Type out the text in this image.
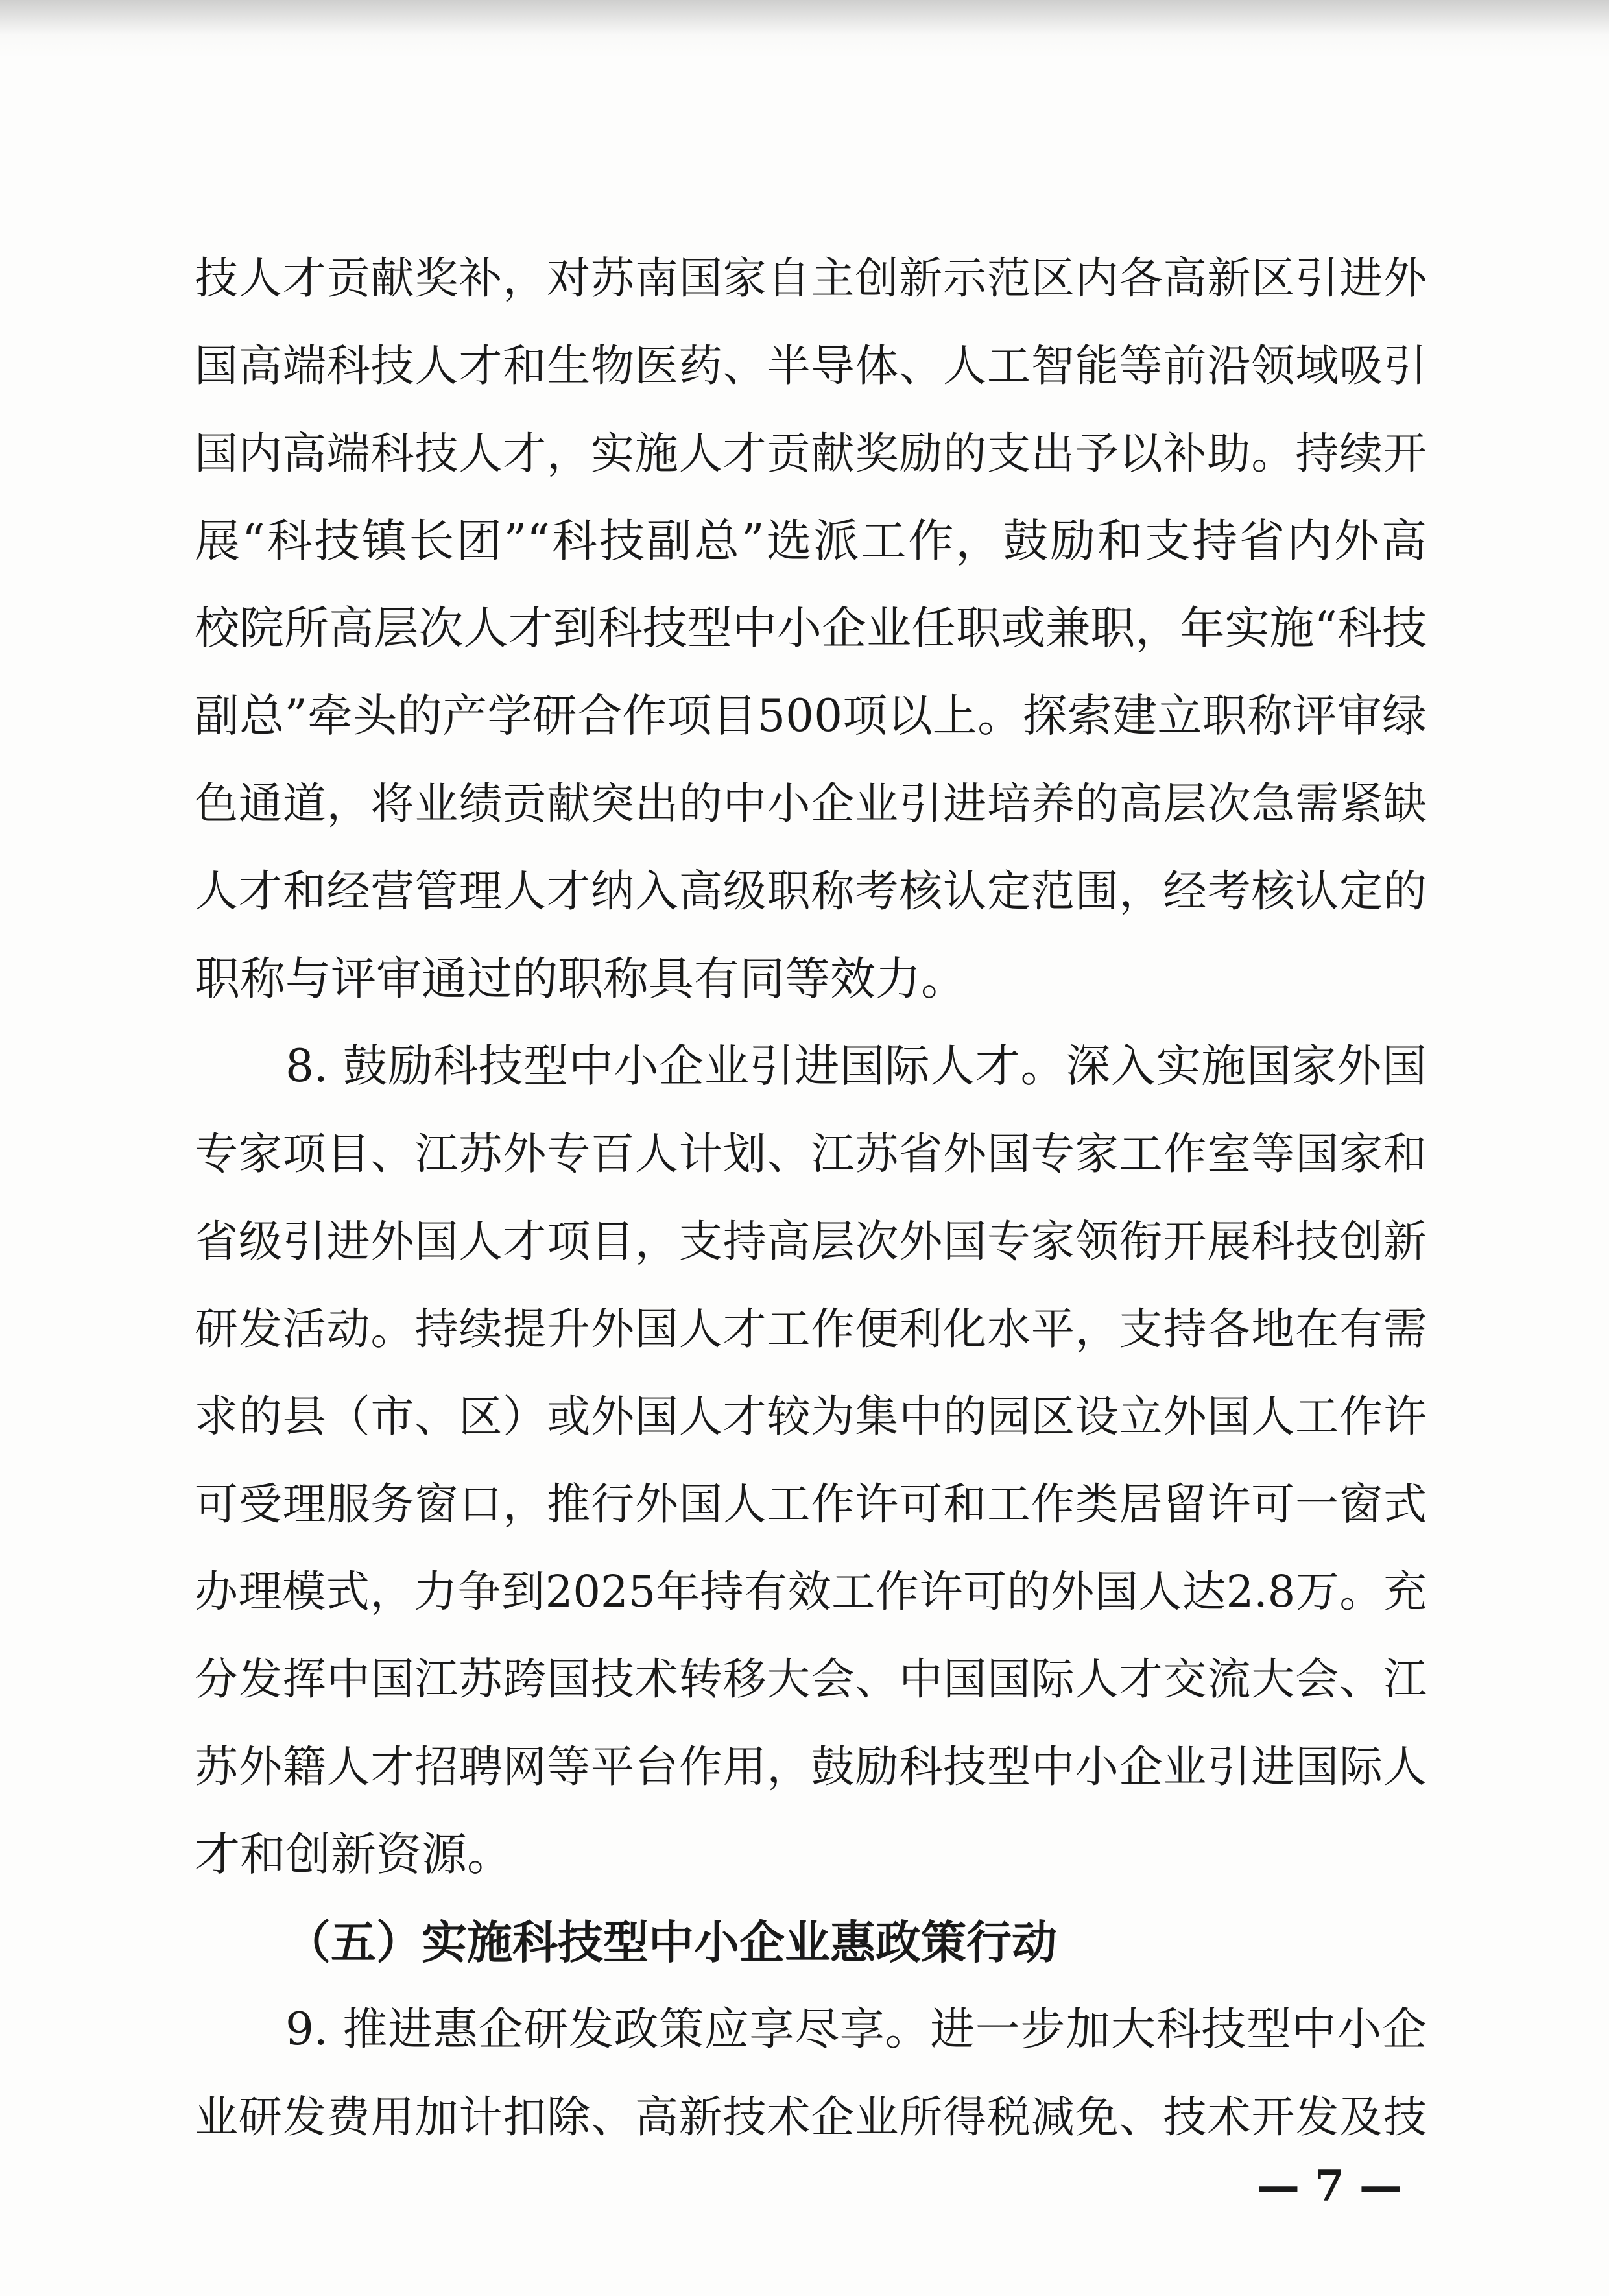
技人才贡献奖补，对苏南国家自主创新示范区内各高新区引进外
国高端科技人才和生物医药、半导体、人工智能等前沿领域吸引
国内高端科技人才，实施人才贡献奖励的支出予以补助。持续开
展“科技镇长团”“科技副总”选派工作，鼓励和支持省内外高
校院所高层次人才到科技型中小企业任职或兼职，年实施“科技
副总”牵头的产学研合作项目500项以上。探索建立职称评审绿
色通道，将业绩贡献突出的中小企业引进培养的高层次急需紧缺
人才和经营管理人才纳入高级职称考核认定范围，经考核认定的
职称与评审通过的职称具有同等效力。
8. 鼓励科技型中小企业引进国际人才。深入实施国家外国
专家项目、江苏外专百人计划、江苏省外国专家工作室等国家和
省级引进外国人才项目，支持高层次外国专家领衔开展科技创新
研发活动。持续提升外国人才工作便利化水平，支持各地在有需
求的县（市、区）或外国人才较为集中的园区设立外国人工作许
可受理服务窗口，推行外国人工作许可和工作类居留许可一窗式
办理模式，力争到2025年持有效工作许可的外国人达2.8万。充
分发挥中国江苏跨国技术转移大会、中国国际人才交流大会、江
苏外籍人才招聘网等平台作用，鼓励科技型中小企业引进国际人
才和创新资源。
（五）实施科技型中小企业惠政策行动
9. 推进惠企研发政策应享尽享。进一步加大科技型中小企
业研发费用加计扣除、高新技术企业所得税减免、技术开发及技
— 7 —
